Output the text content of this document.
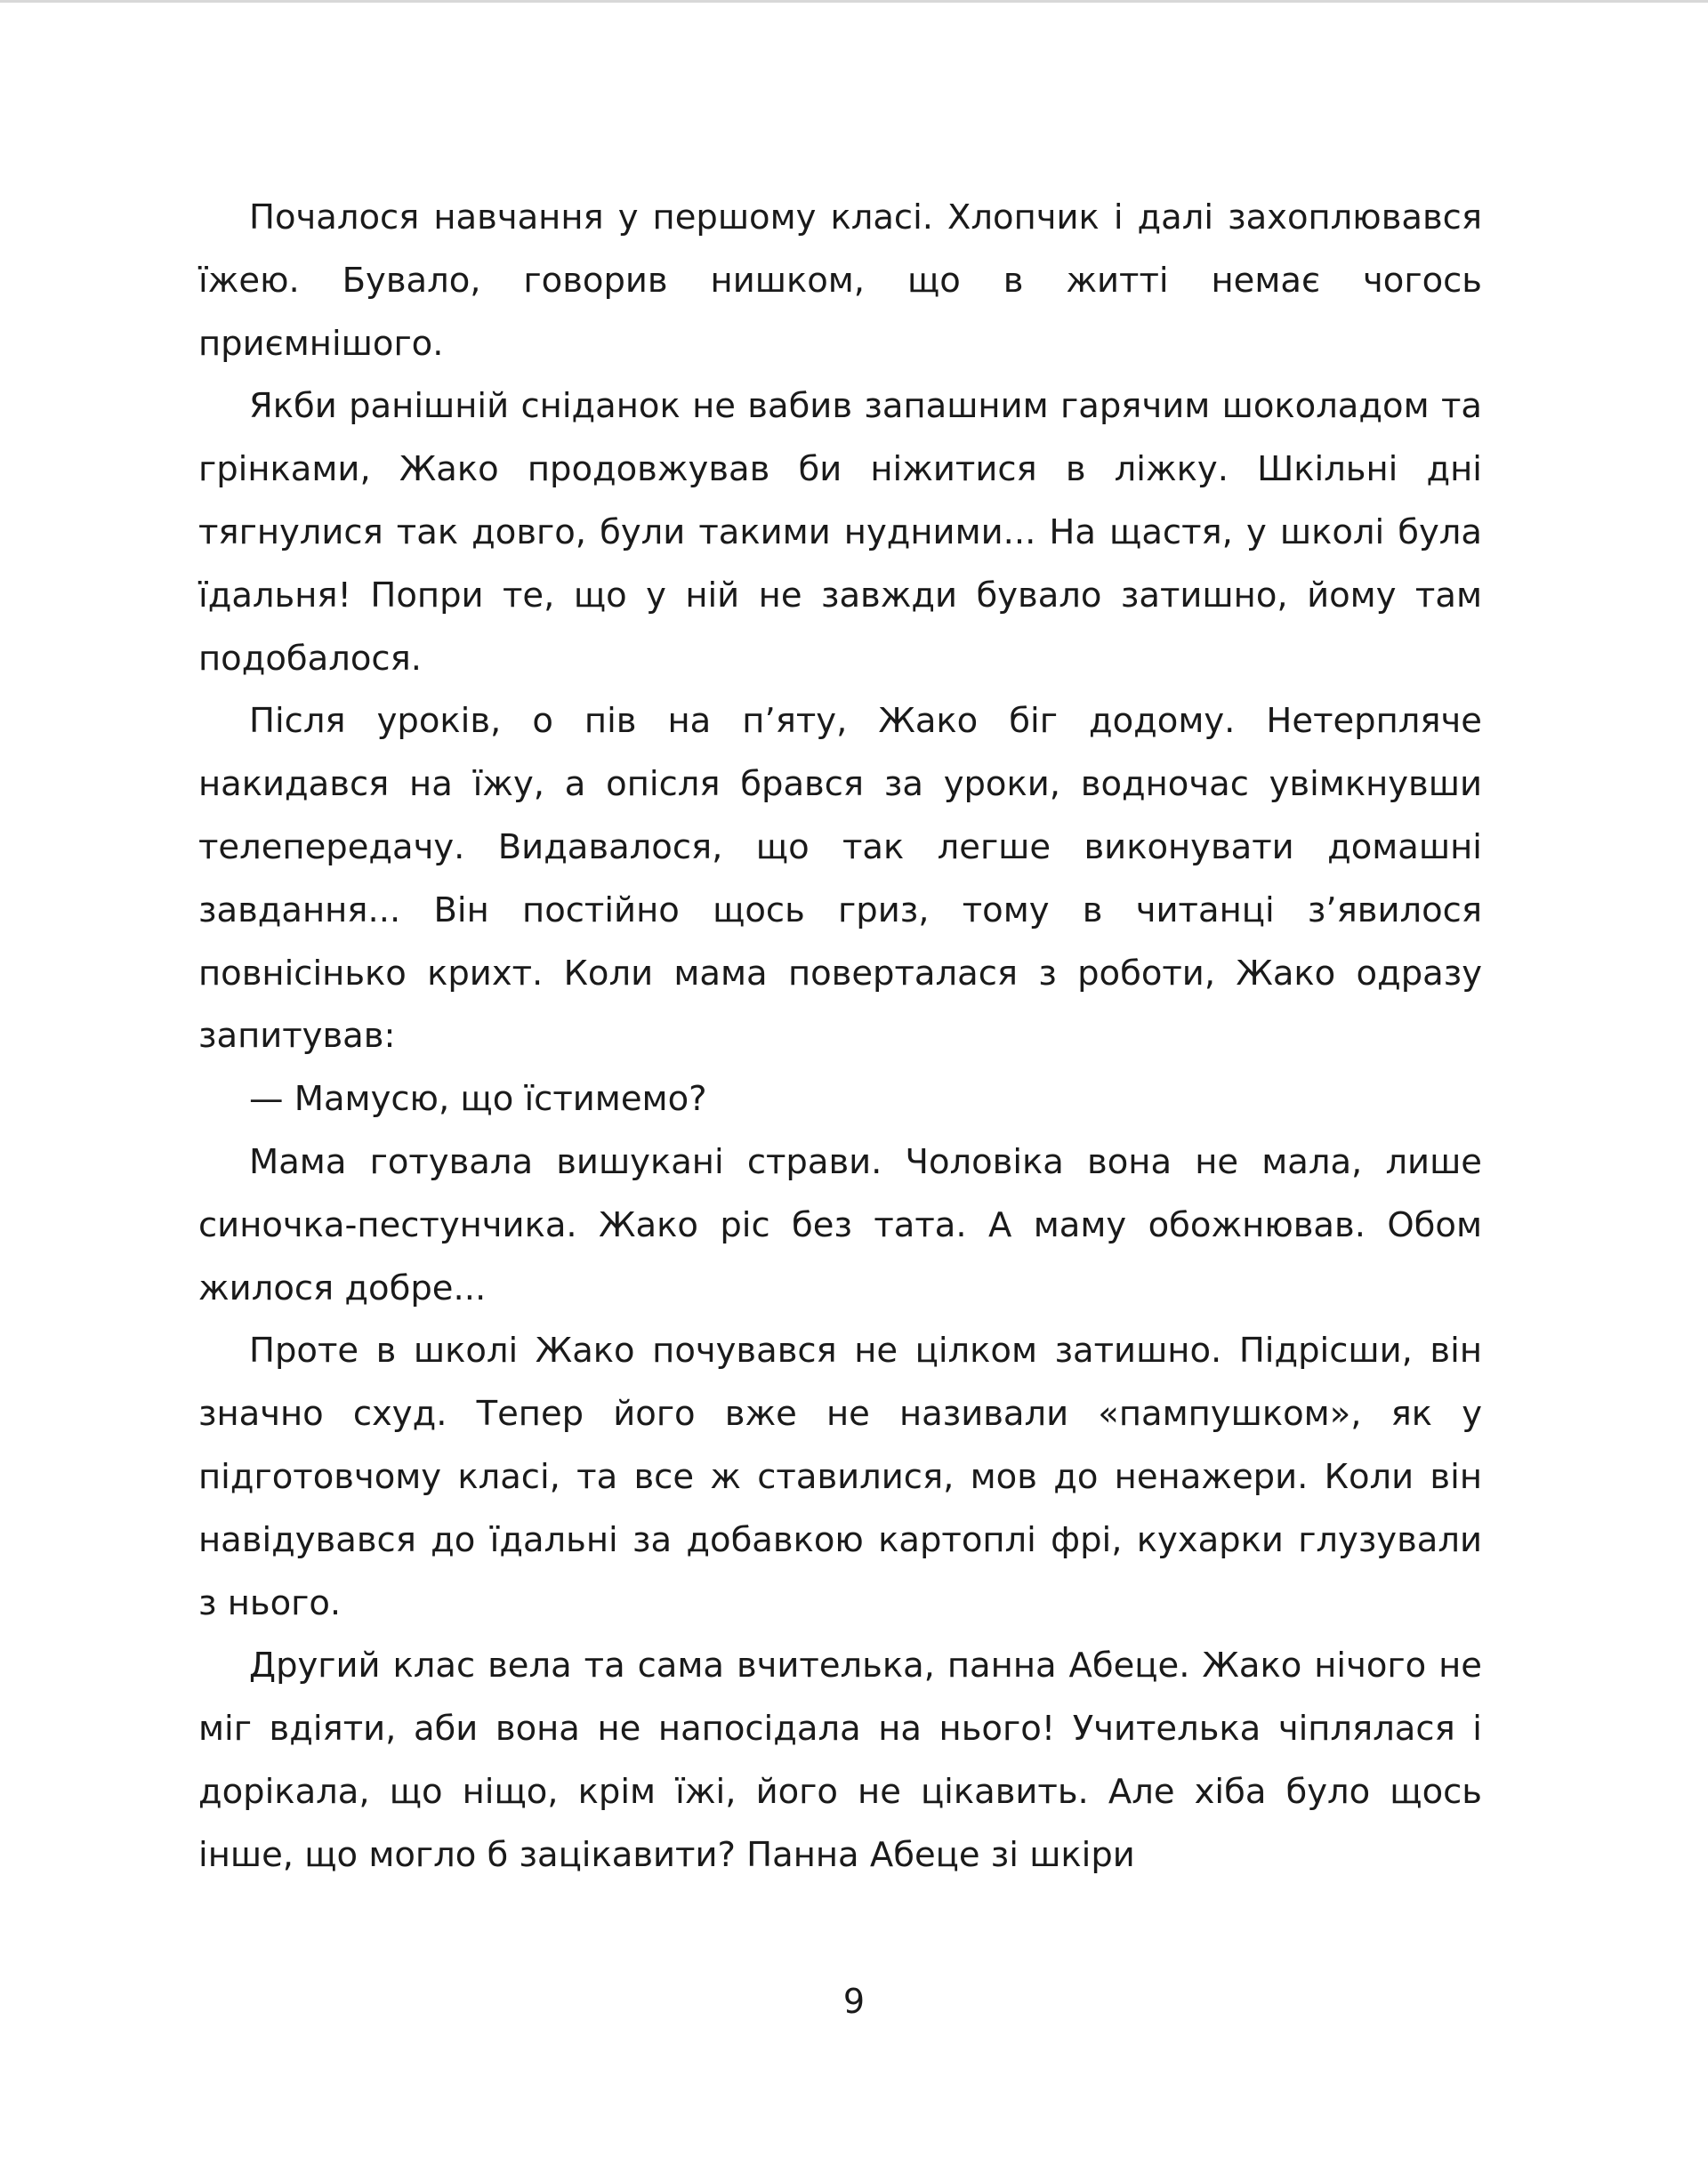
Почалося навчання у першому класі. Хлопчик і далі захоплювався їжею. Бувало, говорив нишком, що в житті немає чогось приємнішого.

Якби ранішній сніданок не вабив запашним гарячим шоколадом та грінками, Жако продовжував би ніжитися в ліжку. Шкільні дні тягнулися так довго, були такими нудними... На щастя, у школі була їдальня! Попри те, що у ній не завжди бувало затишно, йому там подобалося.

Після уроків, о пів на п’яту, Жако біг додому. Нетерпляче накидався на їжу, а опісля брався за уроки, водночас увімкнувши телепередачу. Видавалося, що так легше виконувати домашні завдання... Він постійно щось гриз, тому в читанці з’явилося повнісінько крихт. Коли мама поверталася з роботи, Жако одразу запитував:

— Мамусю, що їстимемо?

Мама готувала вишукані страви. Чоловіка вона не мала, лише синочка-пестунчика. Жако ріс без тата. А маму обожнював. Обом жилося добре...

Проте в школі Жако почувався не цілком затишно. Підрісши, він значно схуд. Тепер його вже не називали «пампушком», як у підготовчому класі, та все ж ставилися, мов до ненажери. Коли він навідувався до їдальні за добавкою картоплі фрі, кухарки глузували з нього.

Другий клас вела та сама вчителька, панна Абеце. Жако нічого не міг вдіяти, аби вона не напосідала на нього! Учителька чіплялася і дорікала, що ніщо, крім їжі, його не цікавить. Але хіба було щось інше, що могло б зацікавити? Панна Абеце зі шкіри

9
